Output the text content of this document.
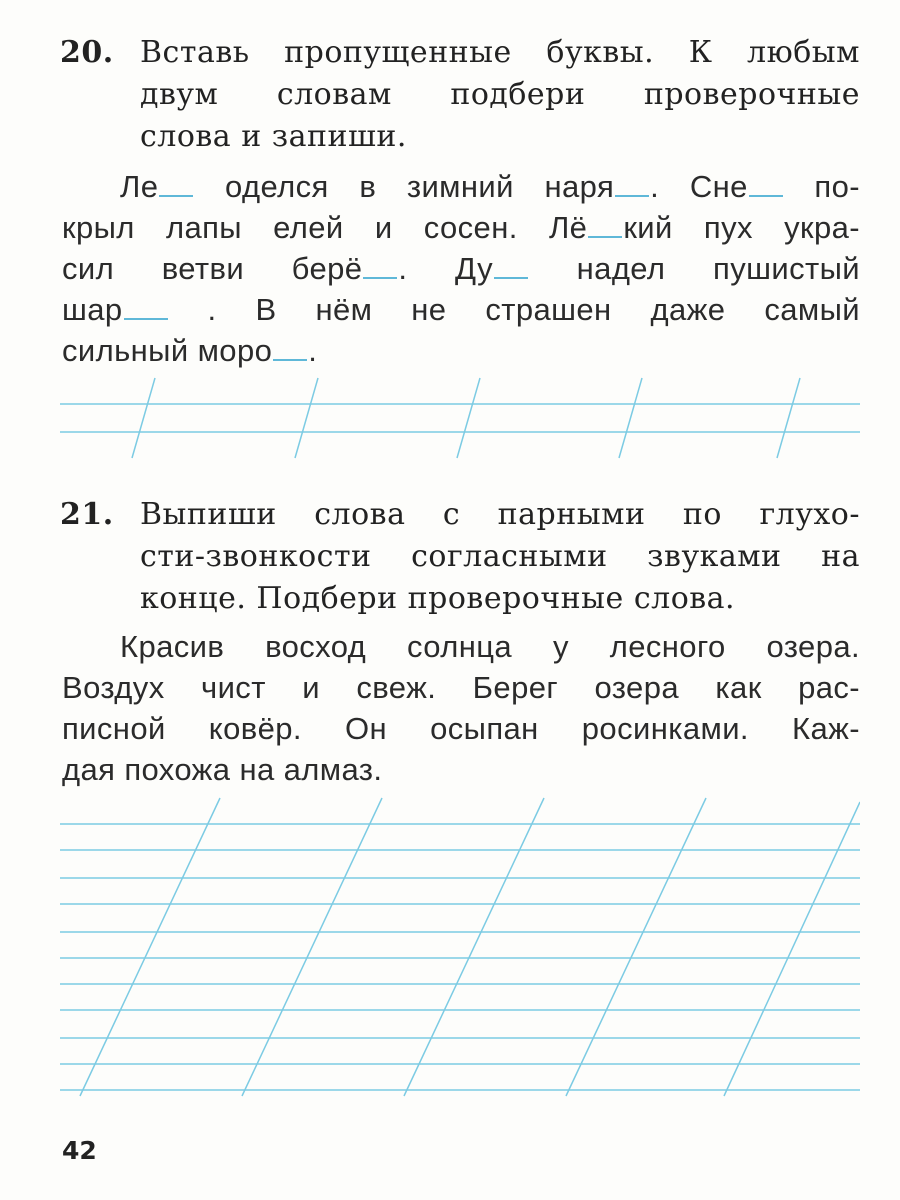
20. Вставь пропущенные буквы. К любым
двум словам подбери проверочные
слова и запиши.
Ле оделся в зимний наря . Сне по-
крыл лапы елей и сосен. Лё кий пух укра-
сил ветви берё . Ду надел пушистый
шар . В нём не страшен даже самый
сильный моро .
21. Выпиши слова с парными по глухо-
сти-звонкости согласными звуками на
конце. Подбери проверочные слова.
Красив восход солнца у лесного озера.
Воздух чист и свеж. Берег озера как рас-
писной ковёр. Он осыпан росинками. Каж-
дая похожа на алмаз.
42
